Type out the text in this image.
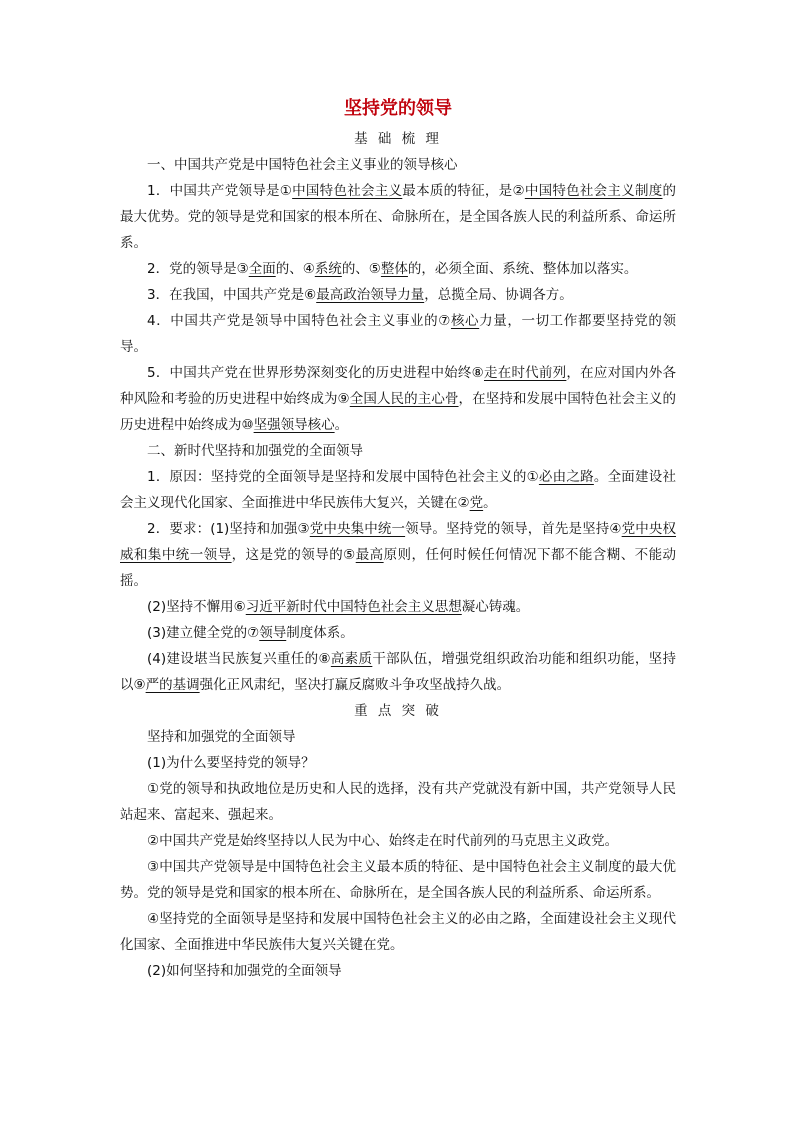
坚持党的领导
基 础 梳 理

一、中国共产党是中国特色社会主义事业的领导核心

1．中国共产党领导是①中国特色社会主义最本质的特征，是②中国特色社会主义制度的最大优势。党的领导是党和国家的根本所在、命脉所在，是全国各族人民的利益所系、命运所系。

2．党的领导是③全面的、④系统的、⑤整体的，必须全面、系统、整体加以落实。

3．在我国，中国共产党是⑥最高政治领导力量，总揽全局、协调各方。

4．中国共产党是领导中国特色社会主义事业的⑦核心力量，一切工作都要坚持党的领导。

5．中国共产党在世界形势深刻变化的历史进程中始终⑧走在时代前列，在应对国内外各种风险和考验的历史进程中始终成为⑨全国人民的主心骨，在坚持和发展中国特色社会主义的历史进程中始终成为⑩坚强领导核心。

二、新时代坚持和加强党的全面领导

1．原因：坚持党的全面领导是坚持和发展中国特色社会主义的①必由之路。全面建设社会主义现代化国家、全面推进中华民族伟大复兴，关键在②党。

2．要求：(1)坚持和加强③党中央集中统一领导。坚持党的领导，首先是坚持④党中央权威和集中统一领导，这是党的领导的⑤最高原则，任何时候任何情况下都不能含糊、不能动摇。

(2)坚持不懈用⑥习近平新时代中国特色社会主义思想凝心铸魂。

(3)建立健全党的⑦领导制度体系。

(4)建设堪当民族复兴重任的⑧高素质干部队伍，增强党组织政治功能和组织功能，坚持以⑨严的基调强化正风肃纪，坚决打赢反腐败斗争攻坚战持久战。

重 点 突 破

坚持和加强党的全面领导

(1)为什么要坚持党的领导？

①党的领导和执政地位是历史和人民的选择，没有共产党就没有新中国，共产党领导人民站起来、富起来、强起来。

②中国共产党是始终坚持以人民为中心、始终走在时代前列的马克思主义政党。

③中国共产党领导是中国特色社会主义最本质的特征、是中国特色社会主义制度的最大优势。党的领导是党和国家的根本所在、命脉所在，是全国各族人民的利益所系、命运所系。

④坚持党的全面领导是坚持和发展中国特色社会主义的必由之路，全面建设社会主义现代化国家、全面推进中华民族伟大复兴关键在党。

(2)如何坚持和加强党的全面领导
